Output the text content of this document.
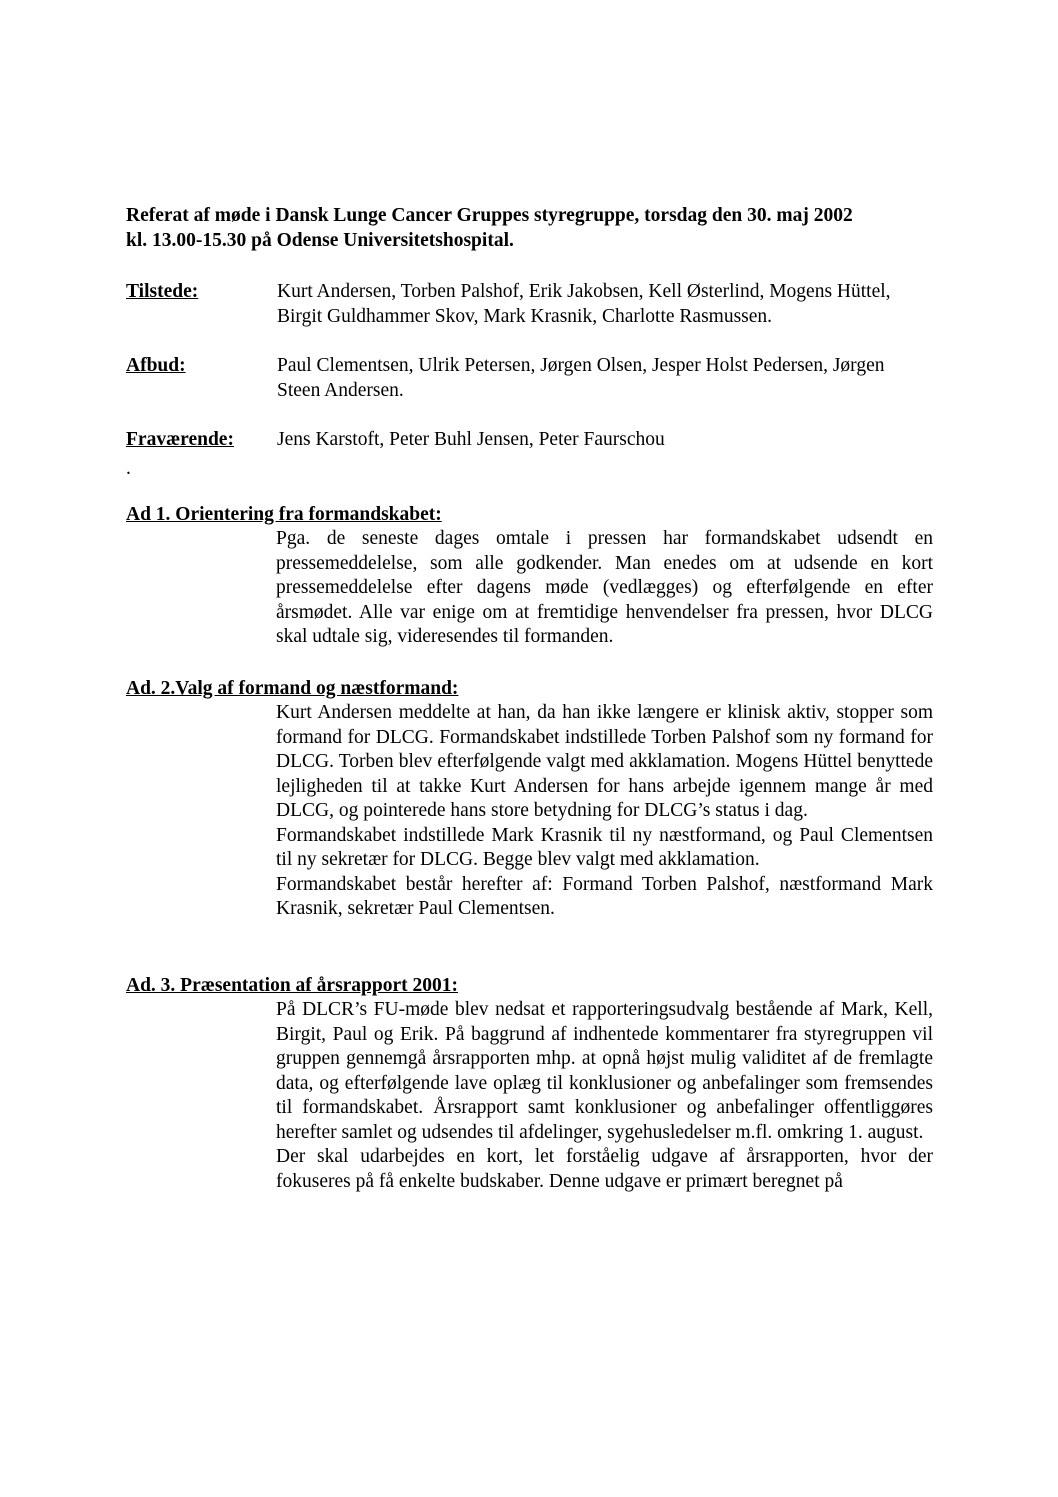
Referat af møde i Dansk Lunge Cancer Gruppes styregruppe, torsdag den 30. maj 2002
kl. 13.00-15.30 på Odense Universitetshospital.
Tilstede:	Kurt Andersen, Torben Palshof, Erik Jakobsen, Kell Østerlind, Mogens Hüttel,
Birgit Guldhammer Skov, Mark Krasnik, Charlotte Rasmussen.
Afbud:	Paul Clementsen, Ulrik Petersen, Jørgen Olsen, Jesper Holst Pedersen, Jørgen
Steen Andersen.
Fraværende: Jens Karstoft, Peter Buhl Jensen, Peter Faurschou
.
Ad 1. Orientering fra formandskabet:
Pga. de seneste dages omtale i pressen har formandskabet udsendt en pressemeddelelse, som alle godkender. Man enedes om at udsende en kort pressemeddelelse efter dagens møde (vedlægges) og efterfølgende en efter årsmødet. Alle var enige om at fremtidige henvendelser fra pressen, hvor DLCG skal udtale sig, videresendes til formanden.
Ad. 2.Valg af formand og næstformand:
Kurt Andersen meddelte at han, da han ikke længere er klinisk aktiv, stopper som formand for DLCG. Formandskabet indstillede Torben Palshof som ny formand for DLCG. Torben blev efterfølgende valgt med akklamation. Mogens Hüttel benyttede lejligheden til at takke Kurt Andersen for hans arbejde igennem mange år med DLCG, og pointerede hans store betydning for DLCG’s status i dag.
Formandskabet indstillede Mark Krasnik til ny næstformand, og Paul Clementsen til ny sekretær for DLCG. Begge blev valgt med akklamation.
Formandskabet består herefter af: Formand Torben Palshof, næstformand Mark Krasnik, sekretær Paul Clementsen.
Ad. 3. Præsentation af årsrapport 2001:
På DLCR’s FU-møde blev nedsat et rapporteringsudvalg bestående af Mark, Kell, Birgit, Paul og Erik. På baggrund af indhentede kommentarer fra styregruppen vil gruppen gennemgå årsrapporten mhp. at opnå højst mulig validitet af de fremlagte data, og efterfølgende lave oplæg til konklusioner og anbefalinger som fremsendes til formandskabet. Årsrapport samt konklusioner og anbefalinger offentliggøres herefter samlet og udsendes til afdelinger, sygehusledelser m.fl. omkring 1. august.
Der skal udarbejdes en kort, let forståelig udgave af årsrapporten, hvor der fokuseres på få enkelte budskaber. Denne udgave er primært beregnet på
